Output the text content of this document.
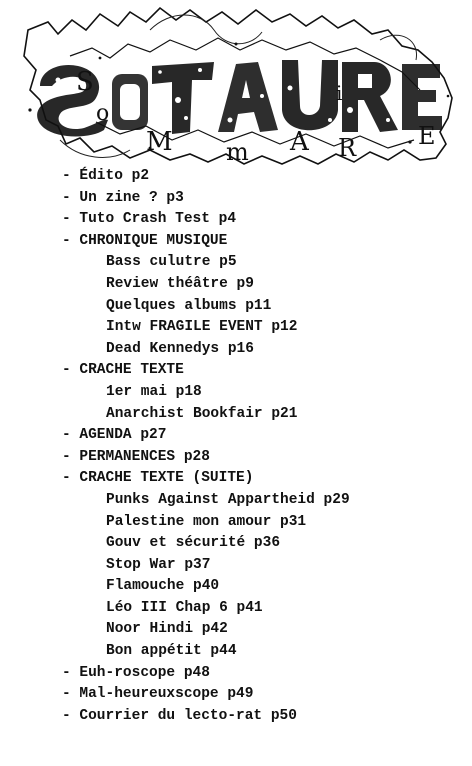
S
o
M m A R	E
i
- Édito p2
- Un zine ? p3
- Tuto Crash Test p4
- CHRONIQUE MUSIQUE
Bass culutre p5
Review théâtre p9
Quelques albums p11
Intw FRAGILE EVENT p12
Dead Kennedys p16
- CRACHE TEXTE
1er mai p18
Anarchist Bookfair p21
- AGENDA p27
- PERMANENCES p28
- CRACHE TEXTE (SUITE)
Punks Against Appartheid p29
Palestine mon amour p31
Gouv et sécurité p36
Stop War p37
Flamouche p40
Léo III Chap 6 p41
Noor Hindi p42
Bon appétit p44
- Euh-roscope p48
- Mal-heureuxscope p49
- Courrier du lecto-rat p50
